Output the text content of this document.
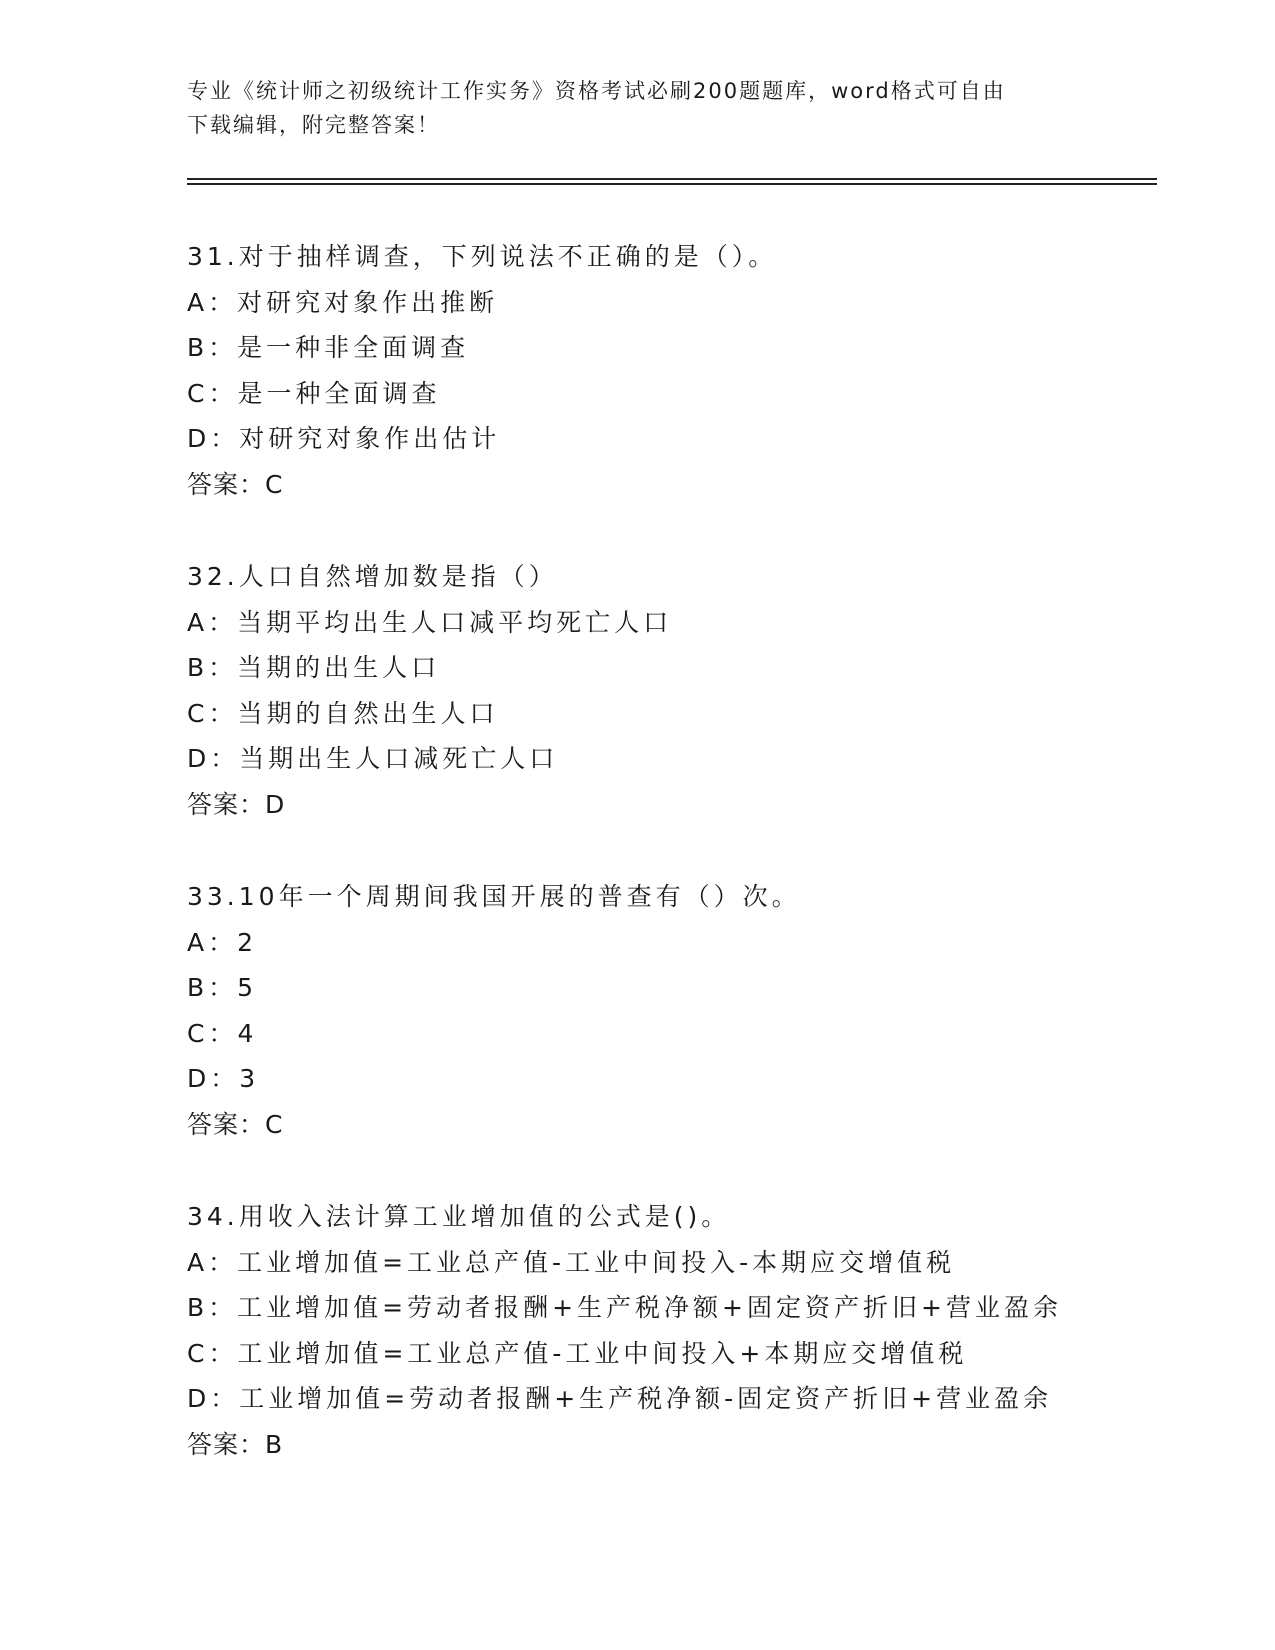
专业《统计师之初级统计工作实务》资格考试必刷200题题库，word格式可自由
下载编辑，附完整答案！
31.对于抽样调查，下列说法不正确的是（）。
A：对研究对象作出推断
B：是一种非全面调查
C：是一种全面调查
D：对研究对象作出估计
答案：C
32.人口自然增加数是指（）
A：当期平均出生人口减平均死亡人口
B：当期的出生人口
C：当期的自然出生人口
D：当期出生人口减死亡人口
答案：D
33.10年一个周期间我国开展的普查有（）次。
A：2
B：5
C：4
D：3
答案：C
34.用收入法计算工业增加值的公式是()。
A：工业增加值=工业总产值-工业中间投入-本期应交增值税
B：工业增加值=劳动者报酬+生产税净额+固定资产折旧+营业盈余
C：工业增加值=工业总产值-工业中间投入+本期应交增值税
D：工业增加值=劳动者报酬+生产税净额-固定资产折旧+营业盈余
答案：B
